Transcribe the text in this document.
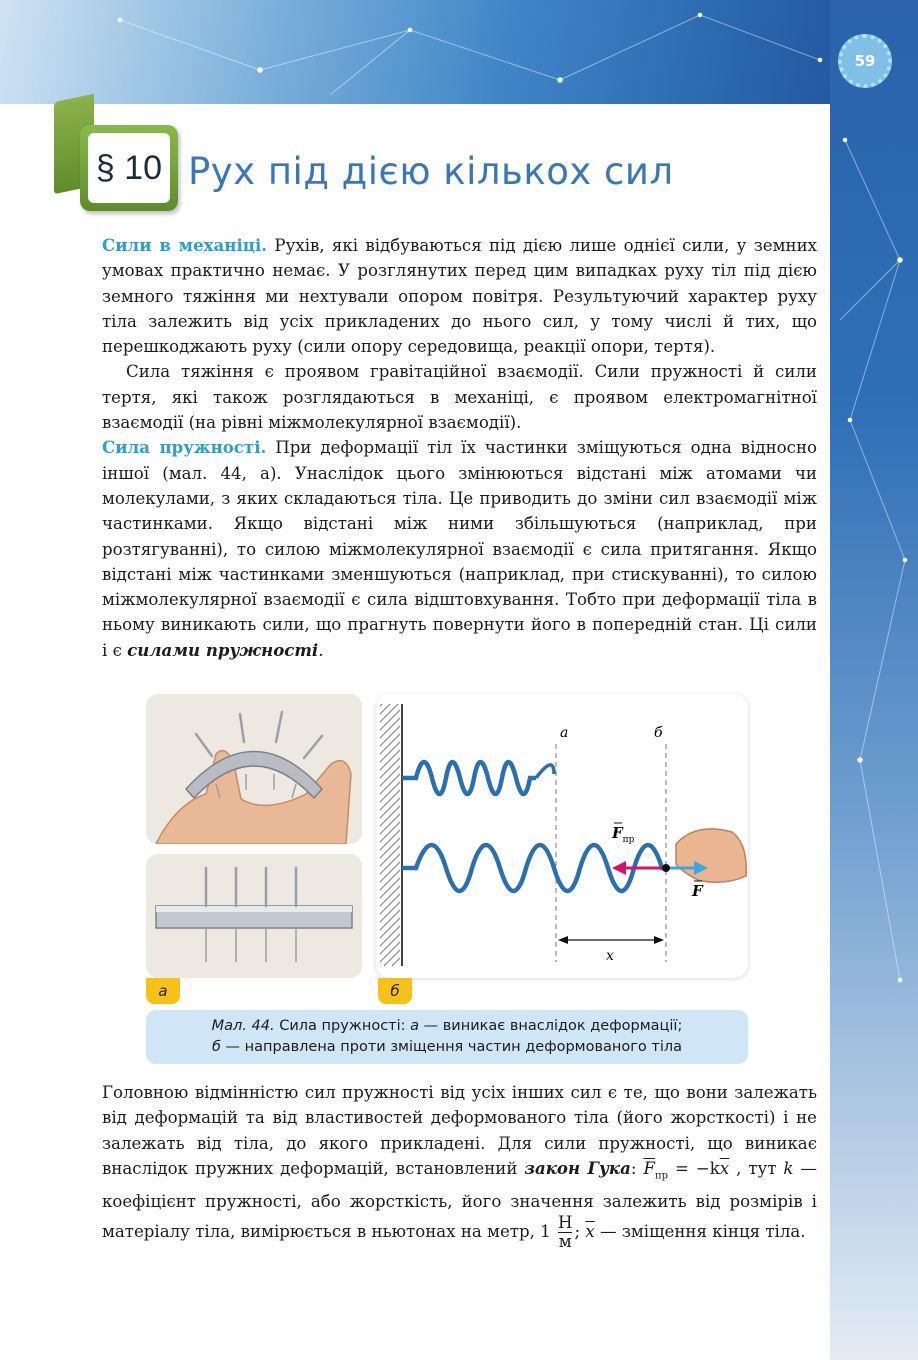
59
§ 10 Рух під дією кількох сил
Сили в механіці. Рухів, які відбуваються під дією лише однієї сили, у земних умовах практично немає. У розглянутих перед цим випадках руху тіл під дією земного тяжіння ми нехтували опором повітря. Результуючий характер руху тіла залежить від усіх прикладених до нього сил, у тому числі й тих, що перешкоджають руху (сили опору середовища, реакції опори, тертя).
Сила тяжіння є проявом гравітаційної взаємодії. Сили пружності й сили тертя, які також розглядаються в механіці, є проявом електромагнітної взаємодії (на рівні міжмолекулярної взаємодії).
Сила пружності. При деформації тіл їх частинки зміщуються одна відносно іншої (мал. 44, а). Унаслідок цього змінюються відстані між атомами чи молекулами, з яких складаються тіла. Це приводить до зміни сил взаємодії між частинками. Якщо відстані між ними збільшуються (наприклад, при розтягуванні), то силою міжмолекулярної взаємодії є сила притягання. Якщо відстані між частинками зменшуються (наприклад, при стискуванні), то силою міжмолекулярної взаємодії є сила відштовхування. Тобто при деформації тіла в ньому виникають сили, що прагнуть повернути його в попередній стан. Ці сили і є силами пружності.
а	б
$F_{пр}$
F
x
а	б
Мал. 44. Сила пружності: а — виникає внаслідок деформації;
б — направлена проти зміщення частин деформованого тіла
Головною відмінністю сил пружності від усіх інших сил є те, що вони залежать від деформацій та від властивостей деформованого тіла (його жорсткості) і не залежать від тіла, до якого прикладені. Для сили пружності, що виникає внаслідок пружних деформацій, встановлений закон Гука: $\overline{F}_{пр} = -k\overline{x}$ , тут k — коефіцієнт пружності, або жорсткість, його значення залежить від розмірів і матеріалу тіла, вимірюється в ньютонах на метр, $1 \frac{Н}{м}$ ; $\overline{x}$ — зміщення кінця тіла.
